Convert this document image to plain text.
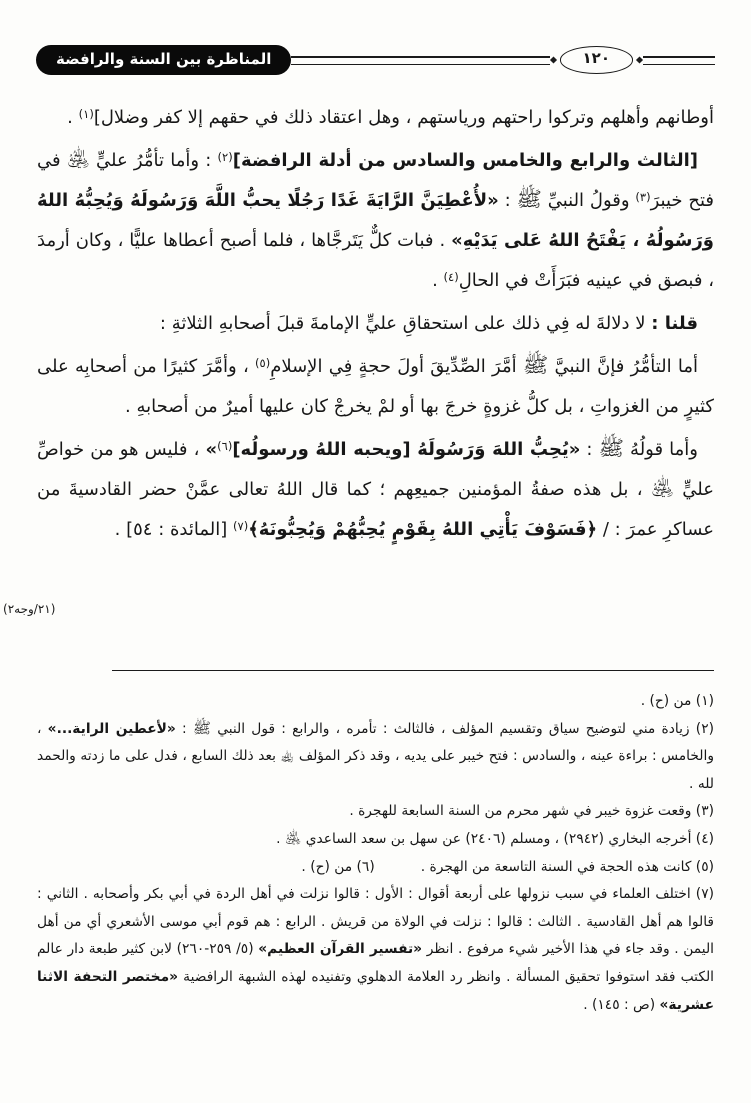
المناظرة بين السنة والرافضة	١٢٠

أوطانهم وأهلهم وتركوا راحتهم ورياستهم ، وهل اعتقاد ذلك في حقهم إلا كفر وضلال]$^{(١)}$ .

[الثالث والرابع والخامس والسادس من أدلة الرافضة]$^{(٢)}$ : وأما تأمُّرُ عليٍّ ﵁ في فتح خيبرَ$^{(٣)}$ وقولُ النبيِّ ﷺ : «لأُعْطِيَنَّ الرَّايَةَ غَدًا رَجُلًا يحبُّ اللَّهَ وَرَسُولَهُ وَيُحِبُّهُ اللهُ وَرَسُولُهُ ، يَفْتَحُ اللهُ عَلى يَدَيْهِ» . فبات كلٌّ يَتَرجَّاها ، فلما أصبح أعطاها عليًّا ، وكان أرمدَ ، فبصق في عينيه فبَرَأَتْ في الحالِ$^{(٤)}$ .

قلنا : لا دلالةَ له فِي ذلك على استحقاقِ عليٍّ الإمامةَ قبلَ أصحابهِ الثلاثةِ :

أما التأمُّرُ فإنَّ النبيَّ ﷺ أمَّرَ الصِّدِّيقَ أولَ حجةٍ فِي الإسلامِ$^{(٥)}$ ، وأمَّرَ كثيرًا من أصحابِه على كثيرٍ من الغزواتِ ، بل كلُّ غزوةٍ خرجَ بها أو لمْ يخرجْ كان عليها أميرٌ من أصحابهِ .

وأما قولُهُ ﷺ : «يُحِبُّ اللهَ وَرَسُولَهُ [ويحبه اللهُ ورسولُه]$^{(٦)}$» ، فليس هو من خواصِّ عليٍّ ﵁ ، بل هذه صفةُ المؤمنين جميعِهم ؛ كما قال اللهُ تعالى عمَّنْ حضر القادسيةَ من عساكرِ عمرَ : / ﴿فَسَوْفَ يَأْتِي اللهُ بِقَوْمٍ يُحِبُّهُمْ وَيُحِبُّونَهُ﴾$^{(٧)}$ [المائدة : ٥٤] .

(٢١/وجه٢)

(١) من (ح) .

(٢) زيادة مني لتوضيح سياق وتقسيم المؤلف ، فالثالث : تأمره ، والرابع : قول النبي ﷺ : «لأعطين الراية...» ، والخامس : براءة عينه ، والسادس : فتح خيبر على يديه ، وقد ذكر المؤلف ﵀ بعد ذلك السابع ، فدل على ما زدته والحمد لله .

(٣) وقعت غزوة خيبر في شهر محرم من السنة السابعة للهجرة .

(٤) أخرجه البخاري (٢٩٤٢) ، ومسلم (٢٤٠٦) عن سهل بن سعد الساعدي ﵁ .

(٥) كانت هذه الحجة في السنة التاسعة من الهجرة .(٦) من (ح) .

(٧) اختلف العلماء في سبب نزولها على أربعة أقوال : الأول : قالوا نزلت في أهل الردة في أبي بكر وأصحابه . الثاني : قالوا هم أهل القادسية . الثالث : قالوا : نزلت في الولاة من قريش . الرابع : هم قوم أبي موسى الأشعري أي من أهل اليمن . وقد جاء في هذا الأخير شيء مرفوع . انظر «تفسير القرآن العظيم» (٥/ ٢٥٩-٢٦٠) لابن كثير طبعة دار عالم الكتب فقد استوفوا تحقيق المسألة . وانظر رد العلامة الدهلوي وتفنيده لهذه الشبهة الرافضية «مختصر التحفة الاثنا عشرية» (ص : ١٤٥) .
